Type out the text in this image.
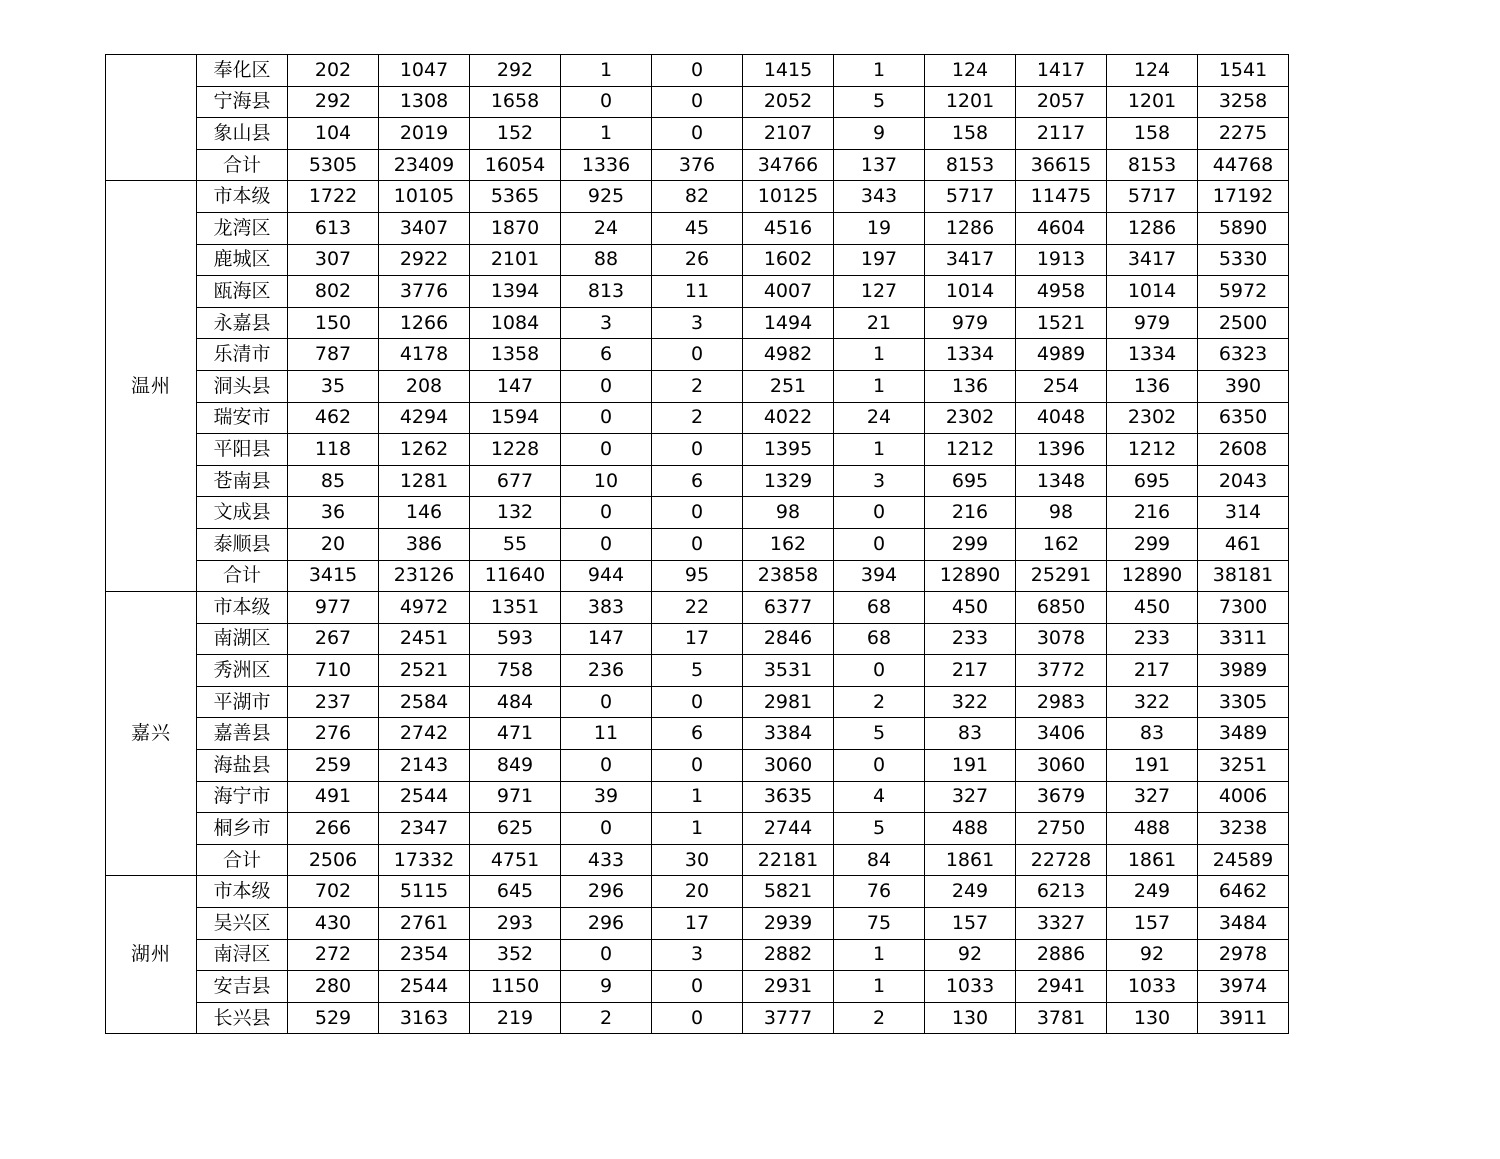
	奉化区	202	1047	292	1	0	1415	1	124	1417	124	1541
	宁海县	292	1308	1658	0	0	2052	5	1201	2057	1201	3258
	象山县	104	2019	152	1	0	2107	9	158	2117	158	2275
	合计	5305	23409	16054	1336	376	34766	137	8153	36615	8153	44768
温州	市本级	1722	10105	5365	925	82	10125	343	5717	11475	5717	17192
	龙湾区	613	3407	1870	24	45	4516	19	1286	4604	1286	5890
	鹿城区	307	2922	2101	88	26	1602	197	3417	1913	3417	5330
	瓯海区	802	3776	1394	813	11	4007	127	1014	4958	1014	5972
	永嘉县	150	1266	1084	3	3	1494	21	979	1521	979	2500
	乐清市	787	4178	1358	6	0	4982	1	1334	4989	1334	6323
	洞头县	35	208	147	0	2	251	1	136	254	136	390
	瑞安市	462	4294	1594	0	2	4022	24	2302	4048	2302	6350
	平阳县	118	1262	1228	0	0	1395	1	1212	1396	1212	2608
	苍南县	85	1281	677	10	6	1329	3	695	1348	695	2043
	文成县	36	146	132	0	0	98	0	216	98	216	314
	泰顺县	20	386	55	0	0	162	0	299	162	299	461
	合计	3415	23126	11640	944	95	23858	394	12890	25291	12890	38181
嘉兴	市本级	977	4972	1351	383	22	6377	68	450	6850	450	7300
	南湖区	267	2451	593	147	17	2846	68	233	3078	233	3311
	秀洲区	710	2521	758	236	5	3531	0	217	3772	217	3989
	平湖市	237	2584	484	0	0	2981	2	322	2983	322	3305
	嘉善县	276	2742	471	11	6	3384	5	83	3406	83	3489
	海盐县	259	2143	849	0	0	3060	0	191	3060	191	3251
	海宁市	491	2544	971	39	1	3635	4	327	3679	327	4006
	桐乡市	266	2347	625	0	1	2744	5	488	2750	488	3238
	合计	2506	17332	4751	433	30	22181	84	1861	22728	1861	24589
湖州	市本级	702	5115	645	296	20	5821	76	249	6213	249	6462
	吴兴区	430	2761	293	296	17	2939	75	157	3327	157	3484
	南浔区	272	2354	352	0	3	2882	1	92	2886	92	2978
	安吉县	280	2544	1150	9	0	2931	1	1033	2941	1033	3974
	长兴县	529	3163	219	2	0	3777	2	130	3781	130	3911
